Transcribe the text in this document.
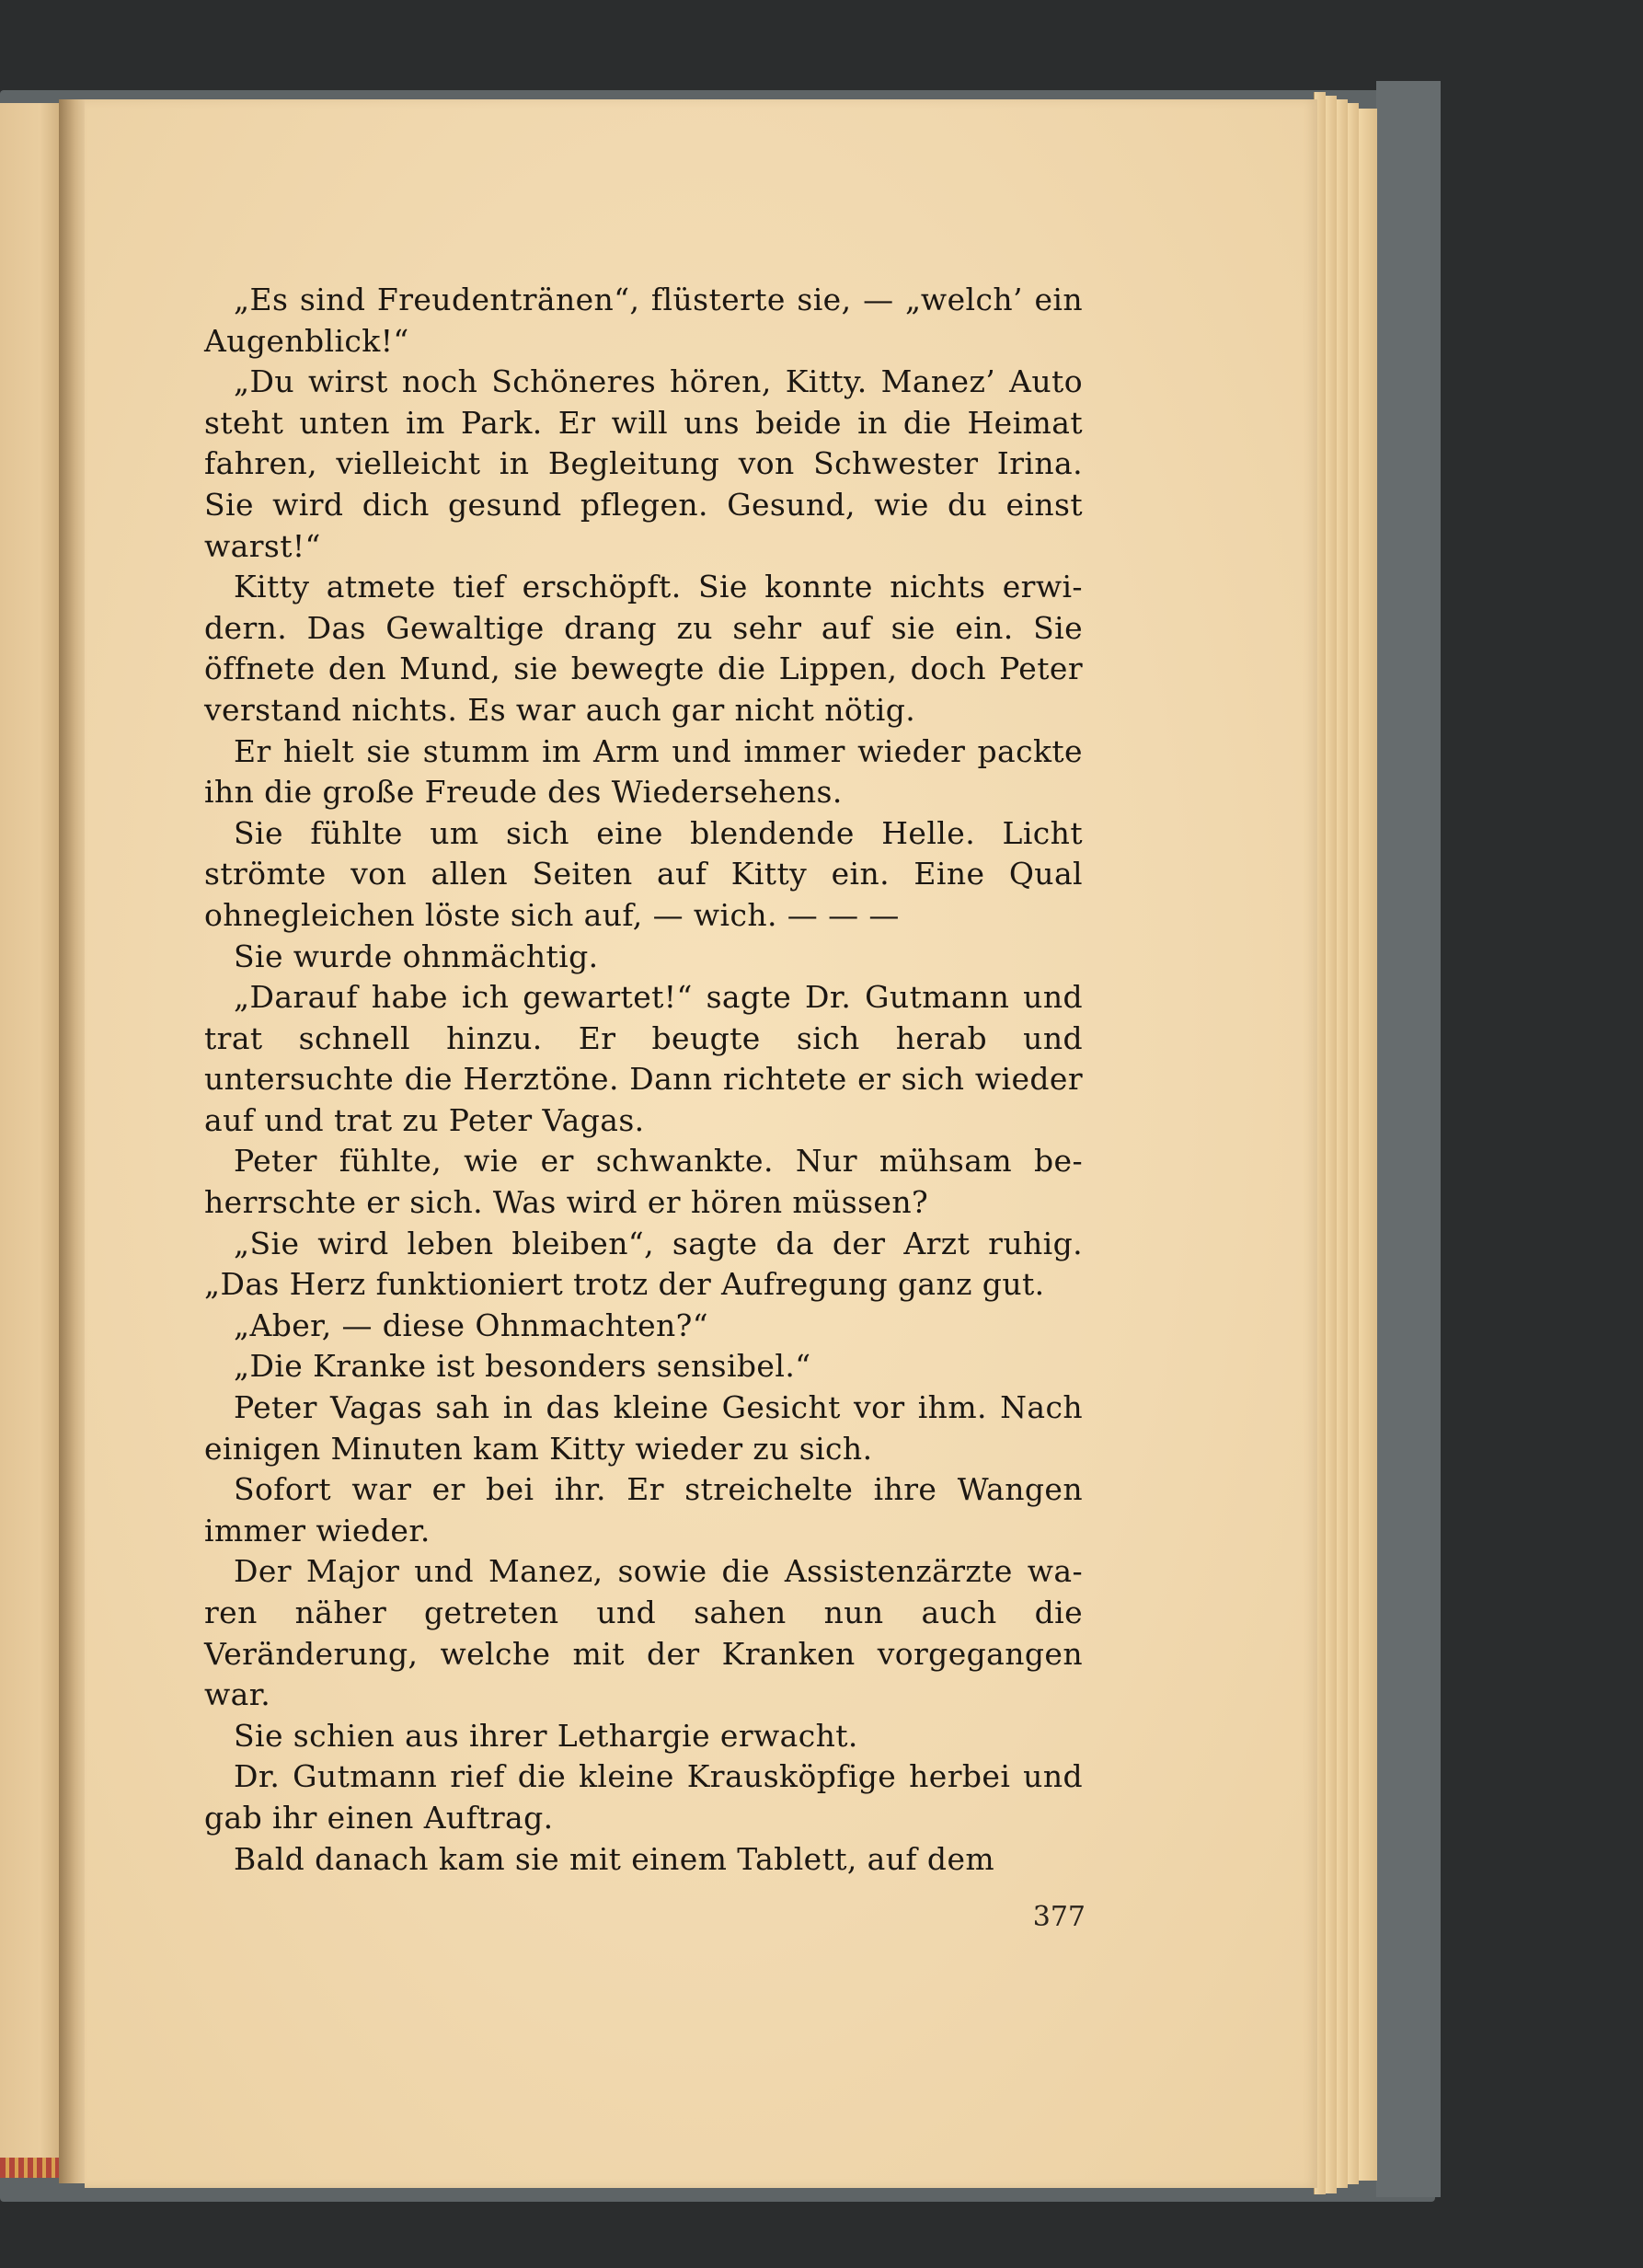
„Es sind Freudentränen“, flüsterte sie, — „welch’ ein Augenblick!“

„Du wirst noch Schöneres hören, Kitty. Manez’ Auto steht unten im Park. Er will uns beide in die Heimat fahren, vielleicht in Begleitung von Schwester Irina. Sie wird dich gesund pflegen. Gesund, wie du einst warst!“

Kitty atmete tief erschöpft. Sie konnte nichts erwi-dern. Das Gewaltige drang zu sehr auf sie ein. Sie öffnete den Mund, sie bewegte die Lippen, doch Peter verstand nichts. Es war auch gar nicht nötig.

Er hielt sie stumm im Arm und immer wieder packte ihn die große Freude des Wiedersehens.

Sie fühlte um sich eine blendende Helle. Licht strömte von allen Seiten auf Kitty ein. Eine Qual ohnegleichen löste sich auf, — wich. — — —

Sie wurde ohnmächtig.

„Darauf habe ich gewartet!“ sagte Dr. Gutmann und trat schnell hinzu. Er beugte sich herab und untersuchte die Herztöne. Dann richtete er sich wieder auf und trat zu Peter Vagas.

Peter fühlte, wie er schwankte. Nur mühsam be-herrschte er sich. Was wird er hören müssen?

„Sie wird leben bleiben“, sagte da der Arzt ruhig. „Das Herz funktioniert trotz der Aufregung ganz gut.

„Aber, — diese Ohnmachten?“

„Die Kranke ist besonders sensibel.“

Peter Vagas sah in das kleine Gesicht vor ihm. Nach einigen Minuten kam Kitty wieder zu sich.

Sofort war er bei ihr. Er streichelte ihre Wangen immer wieder.

Der Major und Manez, sowie die Assistenzärzte wa-ren näher getreten und sahen nun auch die Veränderung, welche mit der Kranken vorgegangen war.

Sie schien aus ihrer Lethargie erwacht.

Dr. Gutmann rief die kleine Krausköpfige herbei und gab ihr einen Auftrag.

Bald danach kam sie mit einem Tablett, auf dem

377
